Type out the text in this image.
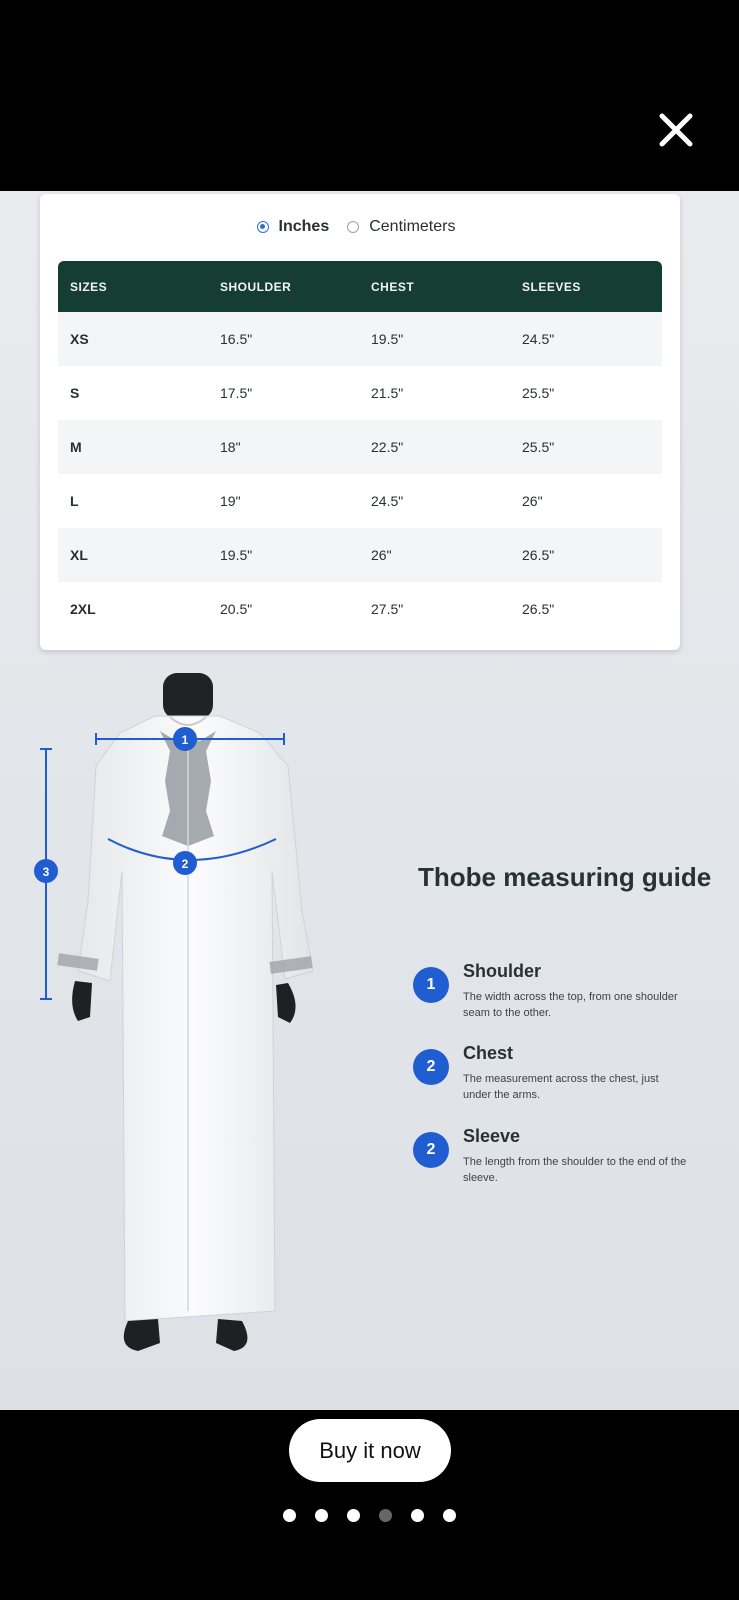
Inches	Centimeters
SIZES	SHOULDER	CHEST	SLEEVES
XS	16.5"	19.5"	24.5"
S	17.5"	21.5"	25.5"
M	18"	22.5"	25.5"
L	19"	24.5"	26"
XL	19.5"	26"	26.5"
2XL	20.5"	27.5"	26.5"
1
2
3	Thobe measuring guide
1
Shoulder
The width across the top, from one shoulder seam to the other.
2
Chest
The measurement across the chest, just under the arms.
2
Sleeve
The length from the shoulder to the end of the sleeve.
Buy it now
